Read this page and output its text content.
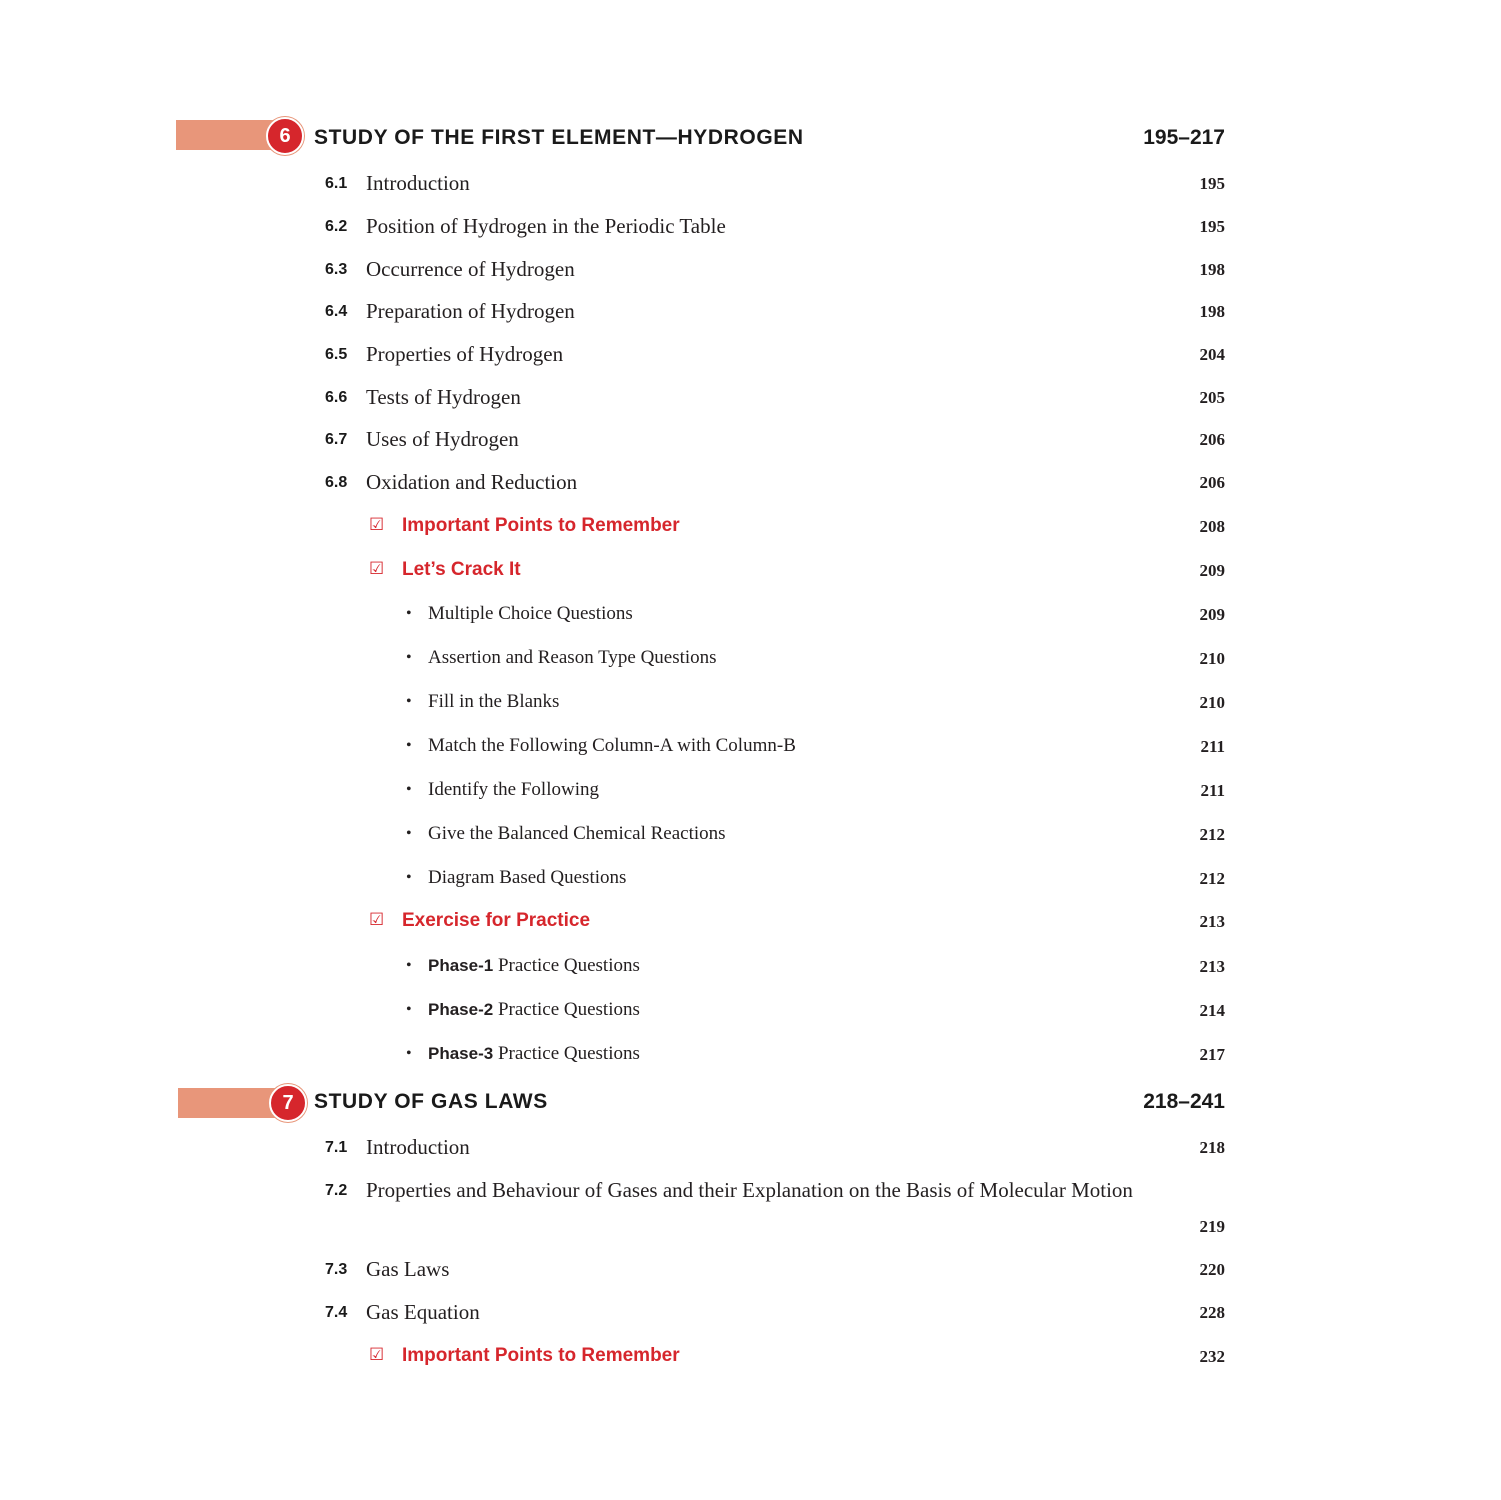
6	STUDY OF THE FIRST ELEMENT—HYDROGEN	195–217
6.1 Introduction	195
6.2 Position of Hydrogen in the Periodic Table	195
6.3 Occurrence of Hydrogen	198
6.4 Preparation of Hydrogen	198
6.5 Properties of Hydrogen	204
6.6 Tests of Hydrogen	205
6.7 Uses of Hydrogen	206
6.8 Oxidation and Reduction	206
☑ Important Points to Remember	208
☑ Let’s Crack It	209
• Multiple Choice Questions	209
• Assertion and Reason Type Questions	210
• Fill in the Blanks	210
• Match the Following Column-A with Column-B	211
• Identify the Following	211
• Give the Balanced Chemical Reactions	212
• Diagram Based Questions	212
☑ Exercise for Practice	213
• Phase-1 Practice Questions	213
• Phase-2 Practice Questions	214
• Phase-3 Practice Questions	217
7 STUDY OF GAS LAWS	218–241
7.1 Introduction	218
7.2 Properties and Behaviour of Gases and their Explanation on the Basis of Molecular Motion
219
7.3 Gas Laws	220
7.4 Gas Equation	228
☑ Important Points to Remember	232
